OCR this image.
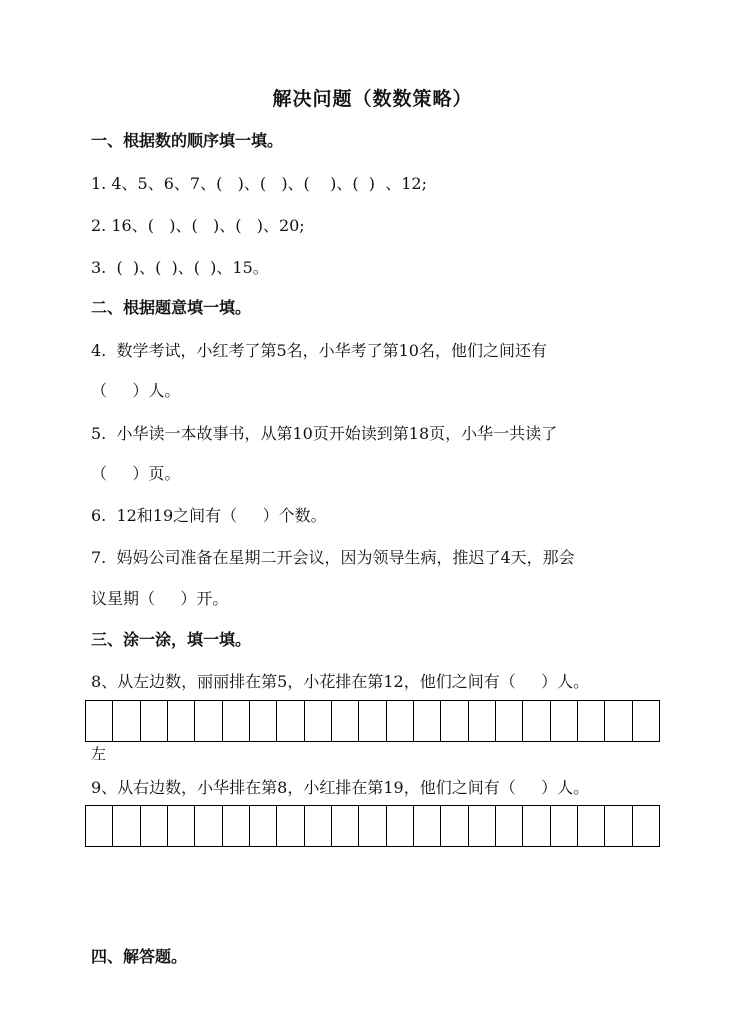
解决问题（数数策略）
一、根据数的顺序填一填。
1. 4、5、6、7、(   )、(   )、(    )、(  )  、12;
2. 16、(   )、(   )、(   )、20;
3.  (  )、(  )、(  )、15。
二、根据题意填一填。
4.  数学考试，小红考了第5名，小华考了第10名，他们之间还有
（     ）人。
5.  小华读一本故事书，从第10页开始读到第18页，小华一共读了
（     ）页。
6.  12和19之间有（     ）个数。
7.  妈妈公司准备在星期二开会议，因为领导生病，推迟了4天，那会
议星期（     ）开。
三、涂一涂，填一填。
8、从左边数，丽丽排在第5，小花排在第12，他们之间有（     ）人。
左
9、从右边数，小华排在第8，小红排在第19，他们之间有（     ）人。
四、解答题。
